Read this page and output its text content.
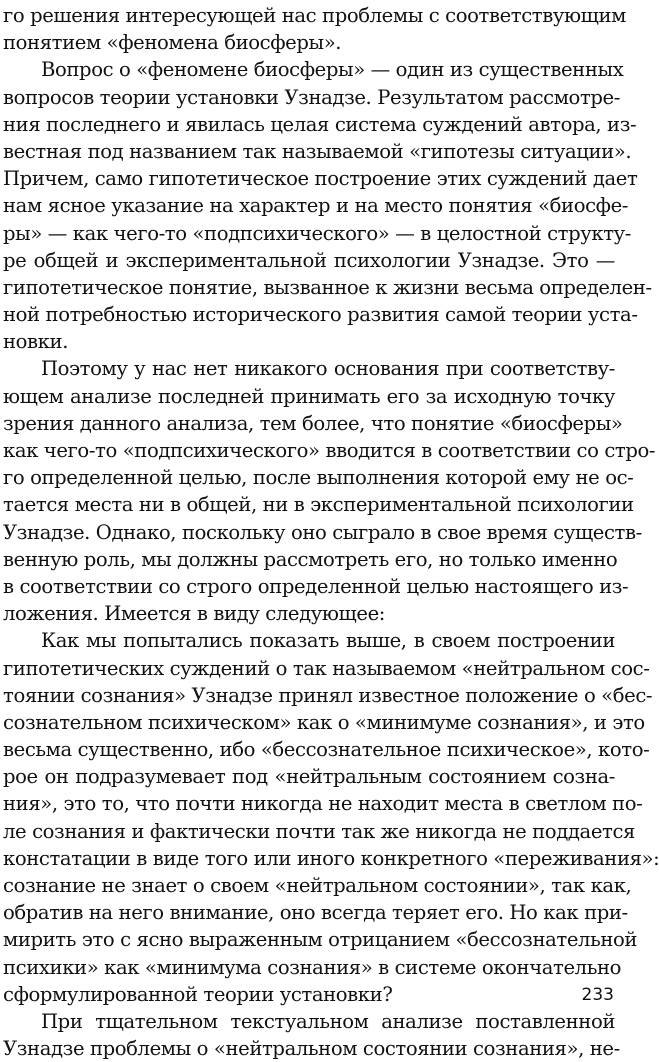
го решения интересующей нас проблемы с соответствующим
понятием «феномена биосферы».
Вопрос о «феномене биосферы» — один из существенных
вопросов теории установки Узнадзе. Результатом рассмотре-
ния последнего и явилась целая система суждений автора, из-
вестная под названием так называемой «гипотезы ситуации».
Причем, само гипотетическое построение этих суждений дает
нам ясное указание на характер и на место понятия «биосфе-
ры» — как чего-то «подпсихического» — в целостной структу-
ре общей и экспериментальной психологии Узнадзе. Это —
гипотетическое понятие, вызванное к жизни весьма определен-
ной потребностью исторического развития самой теории уста-
новки.
Поэтому у нас нет никакого основания при соответству-
ющем анализе последней принимать его за исходную точку
зрения данного анализа, тем более, что понятие «биосферы»
как чего-то «подпсихического» вводится в соответствии со стро-
го определенной целью, после выполнения которой ему не ос-
тается места ни в общей, ни в экспериментальной психологии
Узнадзе. Однако, поскольку оно сыграло в свое время существ-
венную роль, мы должны рассмотреть его, но только именно
в соответствии со строго определенной целью настоящего из-
ложения. Имеется в виду следующее:
Как мы попытались показать выше, в своем построении
гипотетических суждений о так называемом «нейтральном сос-
тоянии сознания» Узнадзе принял известное положение о «бес-
сознательном психическом» как о «минимуме сознания», и это
весьма существенно, ибо «бессознательное психическое», кото-
рое он подразумевает под «нейтральным состоянием созна-
ния», это то, что почти никогда не находит места в светлом по-
ле сознания и фактически почти так же никогда не поддается
констатации в виде того или иного конкретного «переживания»:
сознание не знает о своем «нейтральном состоянии», так как,
обратив на него внимание, оно всегда теряет его. Но как при-
мирить это с ясно выраженным отрицанием «бессознательной
психики» как «минимума сознания» в системе окончательно
сформулированной теории установки?
При тщательном текстуальном анализе поставленной
Узнадзе проблемы о «нейтральном состоянии сознания», не-
233
